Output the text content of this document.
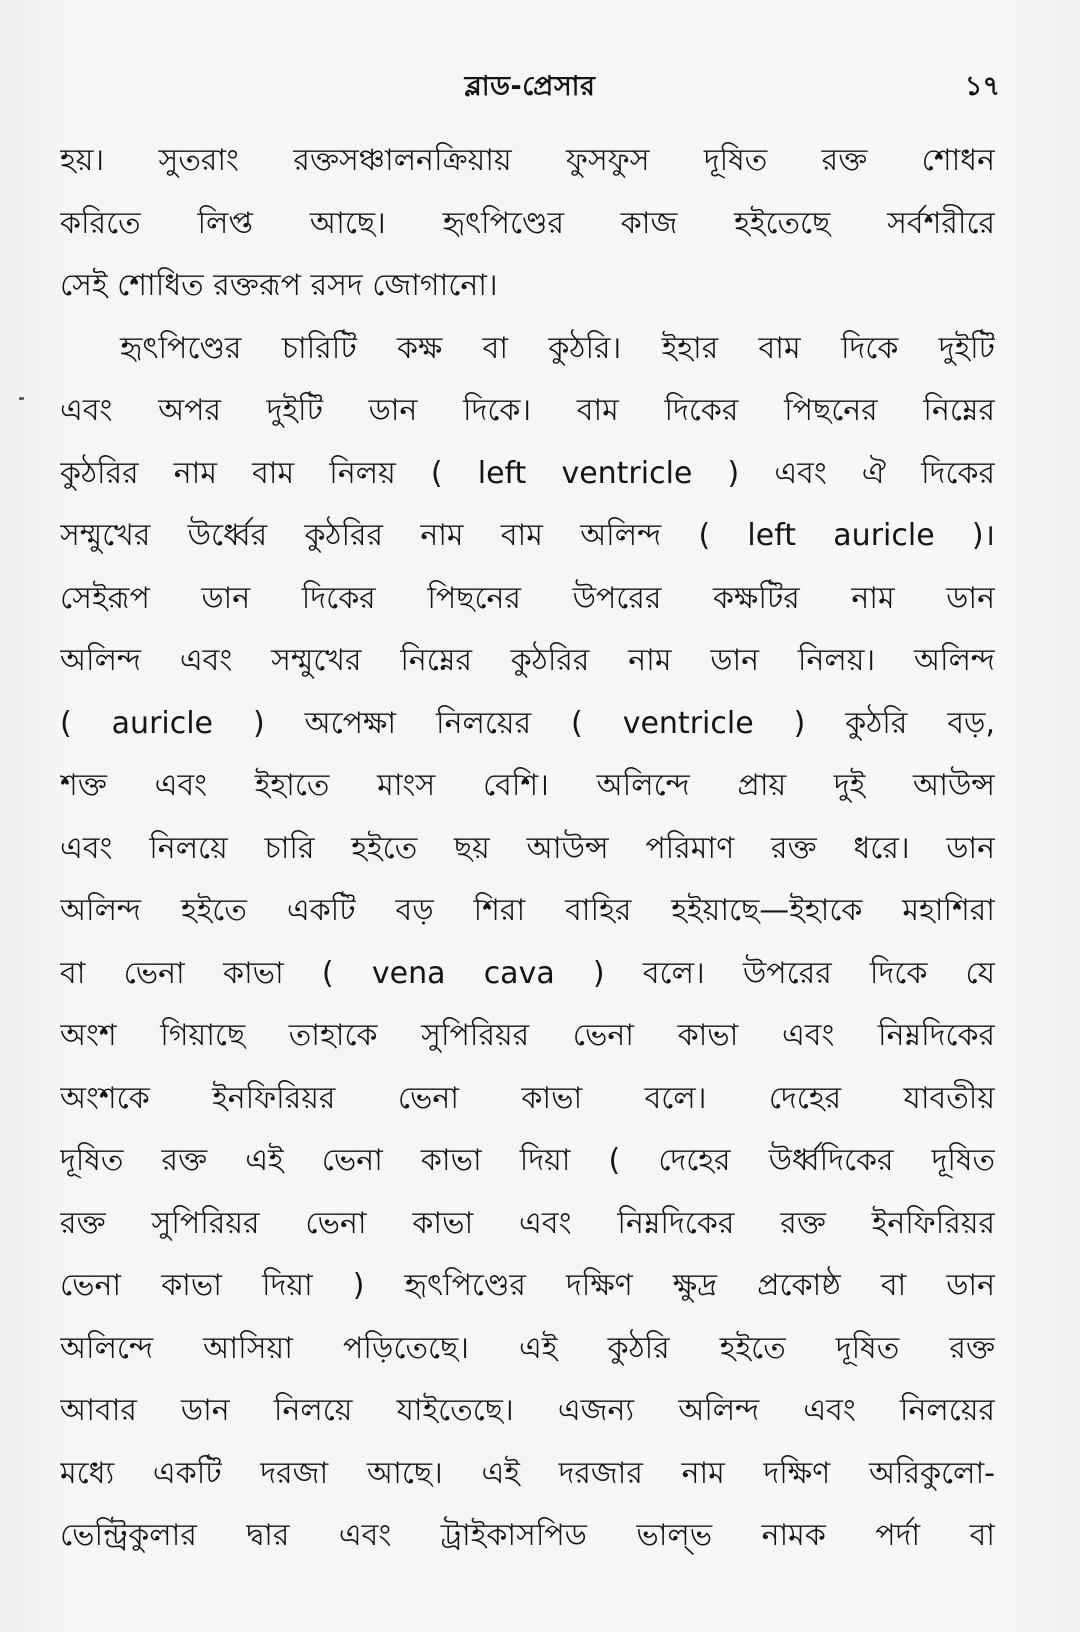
ব্লাড-প্রেসার	১৭
হয়। সুতরাং রক্তসঞ্চালনক্রিয়ায় ফুসফুস দূষিত রক্ত শোধন
করিতে লিপ্ত আছে। হৃৎপিণ্ডের কাজ হইতেছে সর্বশরীরে
সেই শোধিত রক্তরূপ রসদ জোগানো।
হৃৎপিণ্ডের চারিটি কক্ষ বা কুঠরি। ইহার বাম দিকে দুইটি
এবং অপর দুইটি ডান দিকে। বাম দিকের পিছনের নিম্নের
কুঠরির নাম বাম নিলয় ( left ventricle ) এবং ঐ দিকের
সম্মুখের উর্ধ্বের কুঠরির নাম বাম অলিন্দ ( left auricle )।
সেইরূপ ডান দিকের পিছনের উপরের কক্ষটির নাম ডান
অলিন্দ এবং সম্মুখের নিম্নের কুঠরির নাম ডান নিলয়। অলিন্দ
( auricle ) অপেক্ষা নিলয়ের ( ventricle ) কুঠরি বড়,
শক্ত এবং ইহাতে মাংস বেশি। অলিন্দে প্রায় দুই আউন্স
এবং নিলয়ে চারি হইতে ছয় আউন্স পরিমাণ রক্ত ধরে। ডান
অলিন্দ হইতে একটি বড় শিরা বাহির হইয়াছে—ইহাকে মহাশিরা
বা ভেনা কাভা ( vena cava ) বলে। উপরের দিকে যে
অংশ গিয়াছে তাহাকে সুপিরিয়র ভেনা কাভা এবং নিম্নদিকের
অংশকে ইনফিরিয়র ভেনা কাভা বলে। দেহের যাবতীয়
দূষিত রক্ত এই ভেনা কাভা দিয়া ( দেহের উর্ধ্বদিকের দূষিত
রক্ত সুপিরিয়র ভেনা কাভা এবং নিম্নদিকের রক্ত ইনফিরিয়র
ভেনা কাভা দিয়া ) হৃৎপিণ্ডের দক্ষিণ ক্ষুদ্র প্রকোষ্ঠ বা ডান
অলিন্দে আসিয়া পড়িতেছে। এই কুঠরি হইতে দূষিত রক্ত
আবার ডান নিলয়ে যাইতেছে। এজন্য অলিন্দ এবং নিলয়ের
মধ্যে একটি দরজা আছে। এই দরজার নাম দক্ষিণ অরিকুলো-
ভেন্ট্রিকুলার দ্বার এবং ট্রাইকাসপিড ভাল্‌ভ নামক পর্দা বা
